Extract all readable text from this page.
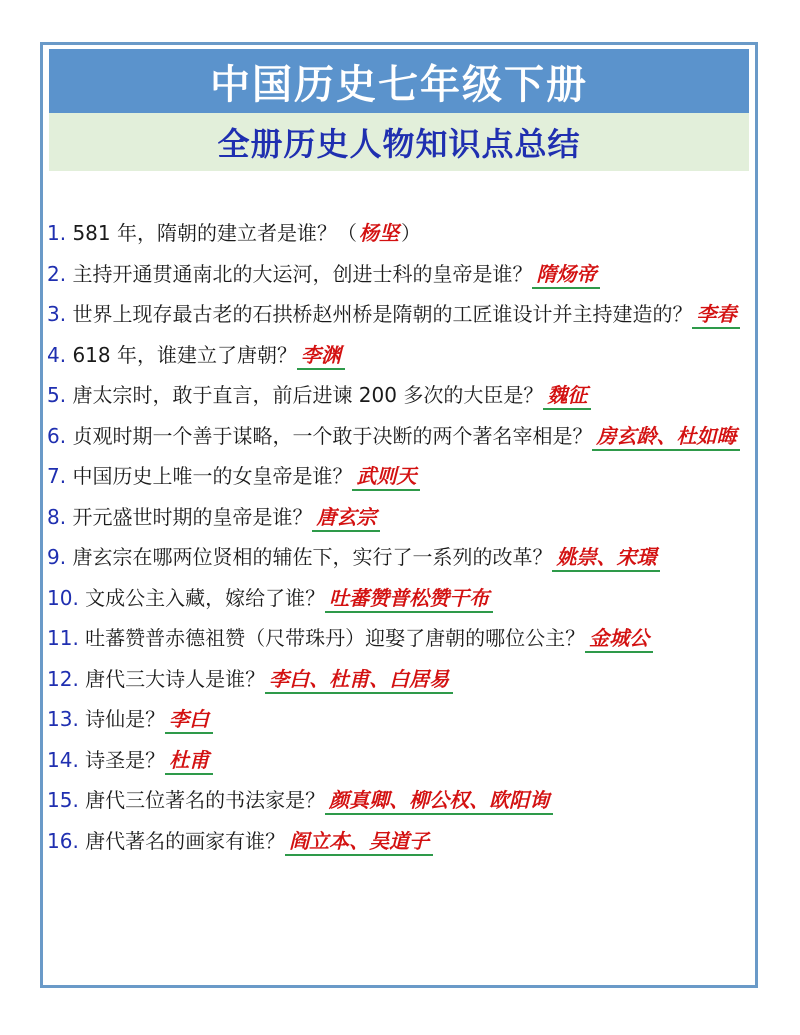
中国历史七年级下册
全册历史人物知识点总结
1. 581 年，隋朝的建立者是谁？（ 杨坚 ）
2. 主持开通贯通南北的大运河，创进士科的皇帝是谁？ 隋炀帝
3. 世界上现存最古老的石拱桥赵州桥是隋朝的工匠谁设计并主持建造的？ 李春
4. 618 年，谁建立了唐朝？ 李渊
5. 唐太宗时，敢于直言，前后进谏 200 多次的大臣是？ 魏征
6. 贞观时期一个善于谋略，一个敢于决断的两个著名宰相是？ 房玄龄、杜如晦
7. 中国历史上唯一的女皇帝是谁？ 武则天
8. 开元盛世时期的皇帝是谁？ 唐玄宗
9. 唐玄宗在哪两位贤相的辅佐下，实行了一系列的改革？ 姚崇、宋璟
10. 文成公主入藏，嫁给了谁？ 吐蕃赞普松赞干布
11. 吐蕃赞普赤德祖赞（尺带珠丹）迎娶了唐朝的哪位公主？ 金城公
12. 唐代三大诗人是谁？ 李白、杜甫、白居易
13. 诗仙是？ 李白
14. 诗圣是？ 杜甫
15. 唐代三位著名的书法家是？ 颜真卿、柳公权、欧阳询
16. 唐代著名的画家有谁？ 阎立本、吴道子
